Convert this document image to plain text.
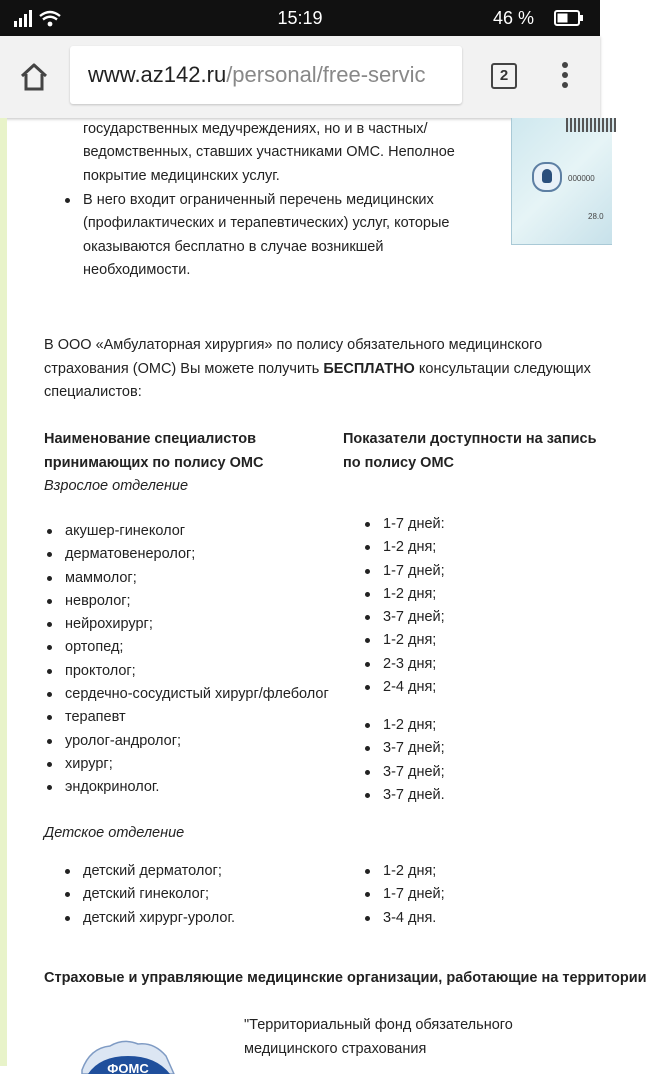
15:19	46 %
www.az142.ru/personal/free-servic	2
000000
28.0

государственных медучреждениях, но и в частных/

ведомственных, ставших участниками ОМС. Неполное

покрытие медицинских услуг.

В него входит ограниченный перечень медицинских
(профилактических и терапевтических) услуг, которые
оказываются бесплатно в случае возникшей
необходимости.

В ООО «Амбулаторная хирургия» по полису обязательного медицинского

страхования (ОМС) Вы можете получить БЕСПЛАТНО консультации следующих

специалистов:

Наименование специалистов

принимающих по полису ОМС

Показатели доступности на запись

по полису ОМС

Взрослое отделение

акушер-гинеколог
дерматовенеролог;
маммолог;
невролог;
нейрохирург;
ортопед;
проктолог;
сердечно-сосудистый хирург/флеболог
терапевт
уролог-андролог;
хирург;
эндокринолог.
1-7 дней:
1-2 дня;
1-7 дней;
1-2 дня;
3-7 дней;
1-2 дня;
2-3 дня;
2-4 дня;
1-2 дня;
3-7 дней;
3-7 дней;
3-7 дней.

Детское отделение

детский дерматолог;
детский гинеколог;
детский хирург-уролог.
1-2 дня;
1-7 дней;
3-4 дня.

Страховые и управляющие медицинские организации, работающие на территории

"Территориальный фонд обязательного

медицинского страхования

ФОМС
